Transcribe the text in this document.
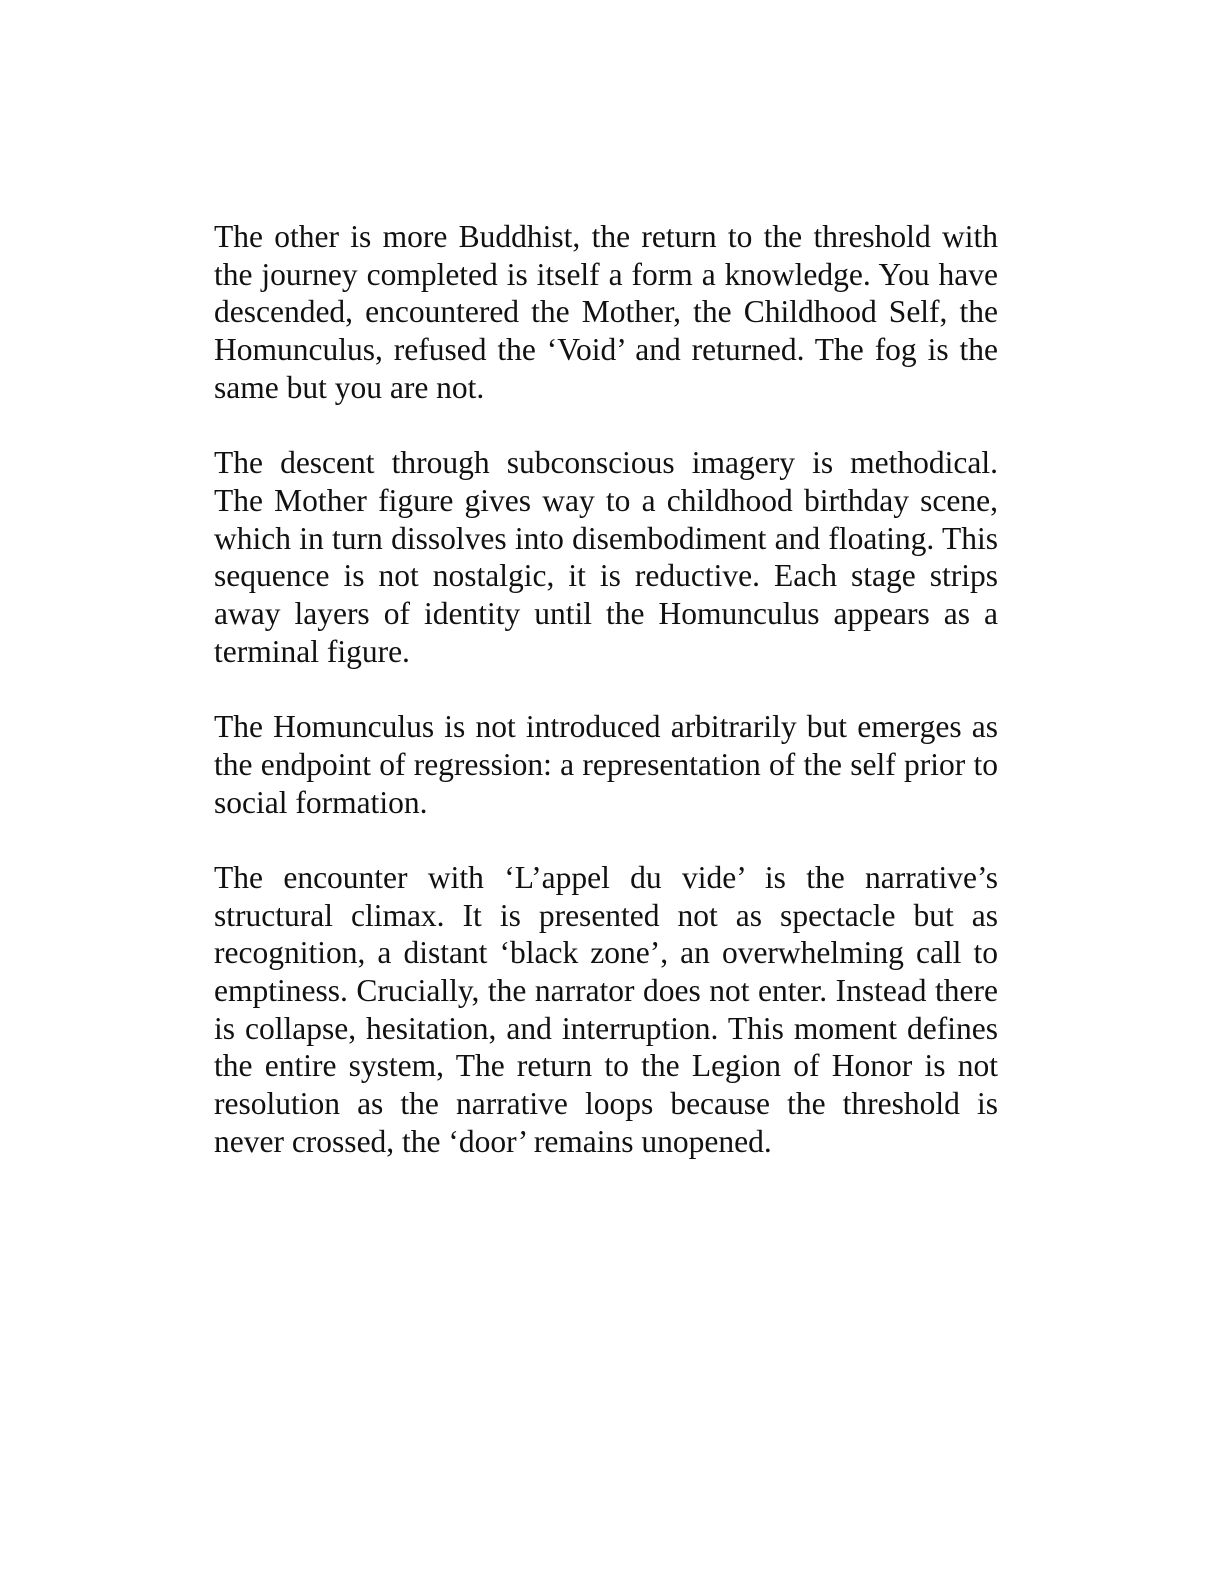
The other is more Buddhist, the return to the threshold with the journey completed is itself a form a knowledge. You have descended, encountered the Mother, the Childhood Self, the Homunculus, refused the ‘Void’ and returned. The fog is the same but you are not.

The descent through subconscious imagery is methodical. The Mother figure gives way to a childhood birthday scene, which in turn dissolves into disembodiment and floating. This sequence is not nostalgic, it is reductive. Each stage strips away layers of identity until the Homunculus appears as a terminal figure.

The Homunculus is not introduced arbitrarily but emerges as the endpoint of regression: a representation of the self prior to social formation.

The encounter with ‘L’appel du vide’ is the narrative’s structural climax. It is presented not as spectacle but as recognition, a distant ‘black zone’, an overwhelming call to emptiness. Crucially, the narrator does not enter. Instead there is collapse, hesitation, and interruption. This moment defines the entire system, The return to the Legion of Honor is not resolution as the narrative loops because the threshold is never crossed, the ‘door’ remains unopened.
